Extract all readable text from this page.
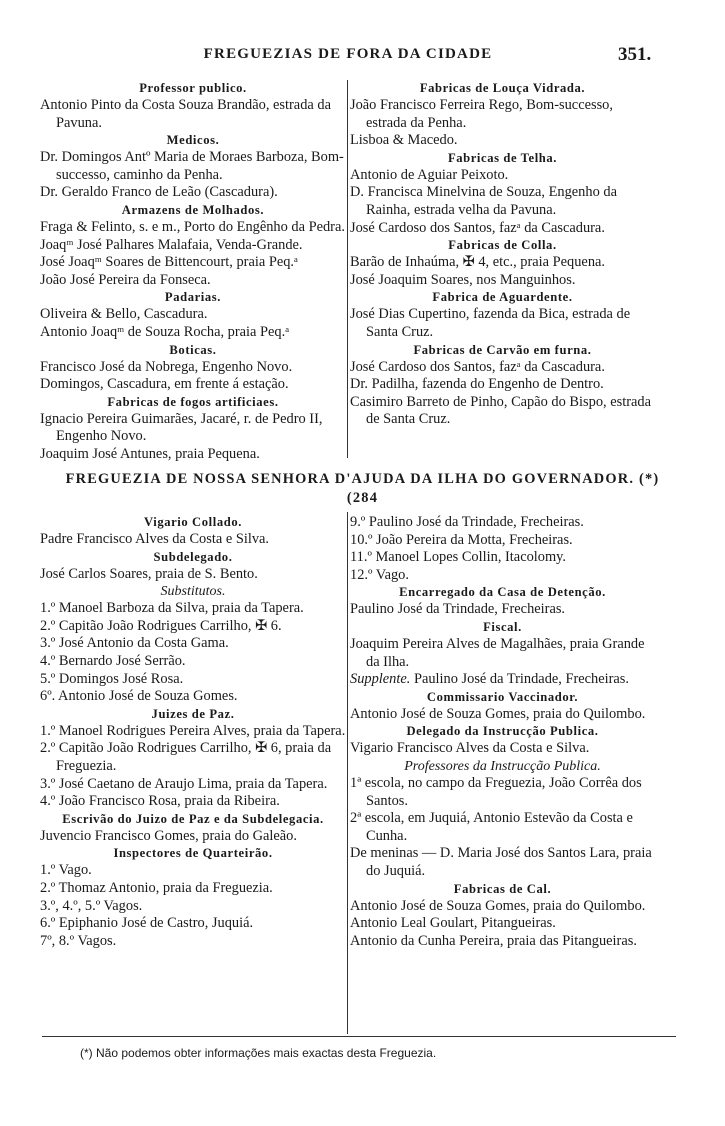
FREGUEZIAS DE FORA DA CIDADE	351.
Professor publico.
Antonio Pinto da Costa Souza Brandão, estrada da Pavuna.
Medicos.
Dr. Domingos Antº Maria de Moraes Barboza, Bom-successo, caminho da Penha.
Dr. Geraldo Franco de Leão (Cascadura).
Armazens de Molhados.
Fraga & Felinto, s. e m., Porto do Engênho da Pedra.
Joaqᵐ José Palhares Malafaia, Venda-Grande.
José Joaqᵐ Soares de Bittencourt, praia Peq.ᵃ
João José Pereira da Fonseca.
Padarias.
Oliveira & Bello, Cascadura.
Antonio Joaqᵐ de Souza Rocha, praia Peq.ᵃ
Boticas.
Francisco José da Nobrega, Engenho Novo.
Domingos, Cascadura, em frente á estação.
Fabricas de fogos artificiaes.
Ignacio Pereira Guimarães, Jacaré, r. de Pedro II, Engenho Novo.
Joaquim José Antunes, praia Pequena.
Fabricas de Louça Vidrada.
João Francisco Ferreira Rego, Bom-successo, estrada da Penha.
Lisboa & Macedo.
Fabricas de Telha.
Antonio de Aguiar Peixoto.
D. Francisca Minelvina de Souza, Engenho da Rainha, estrada velha da Pavuna.
José Cardoso dos Santos, fazᵃ da Cascadura.
Fabricas de Colla.
Barão de Inhaúma, ✠ 4, etc., praia Pequena.
José Joaquim Soares, nos Manguinhos.
Fabrica de Aguardente.
José Dias Cupertino, fazenda da Bica, estrada de Santa Cruz.
Fabricas de Carvão em furna.
José Cardoso dos Santos, fazᵃ da Cascadura.
Dr. Padilha, fazenda do Engenho de Dentro.
Casimiro Barreto de Pinho, Capão do Bispo, estrada de Santa Cruz.
FREGUEZIA DE NOSSA SENHORA D'AJUDA DA ILHA DO GOVERNADOR. (*) (284
Vigario Collado.
Padre Francisco Alves da Costa e Silva.
Subdelegado.
José Carlos Soares, praia de S. Bento.
Substitutos.
1.º Manoel Barboza da Silva, praia da Tapera.
2.º Capitão João Rodrigues Carrilho, ✠ 6.
3.º José Antonio da Costa Gama.
4.º Bernardo José Serrão.
5.º Domingos José Rosa.
6º. Antonio José de Souza Gomes.
Juizes de Paz.
1.º Manoel Rodrigues Pereira Alves, praia da Tapera.
2.º Capitão João Rodrigues Carrilho, ✠ 6, praia da Freguezia.
3.º José Caetano de Araujo Lima, praia da Tapera.
4.º João Francisco Rosa, praia da Ribeira.
Escrivão do Juizo de Paz e da Subdelegacia.
Juvencio Francisco Gomes, praia do Galeão.
Inspectores de Quarteirão.
1.º Vago.
2.º Thomaz Antonio, praia da Freguezia.
3.º, 4.º, 5.º Vagos.
6.º Epiphanio José de Castro, Juquiá.
7º, 8.º Vagos.
9.º Paulino José da Trindade, Frecheiras.
10.º João Pereira da Motta, Frecheiras.
11.º Manoel Lopes Collin, Itacolomy.
12.º Vago.
Encarregado da Casa de Detenção.
Paulino José da Trindade, Frecheiras.
Fiscal.
Joaquim Pereira Alves de Magalhães, praia Grande da Ilha.
Supplente. Paulino José da Trindade, Frecheiras.
Commissario Vaccinador.
Antonio José de Souza Gomes, praia do Quilombo.
Delegado da Instrucção Publica.
Vigario Francisco Alves da Costa e Silva.
Professores da Instrucção Publica.
1ª escola, no campo da Freguezia, João Corrêa dos Santos.
2ª escola, em Juquiá, Antonio Estevão da Costa e Cunha.
De meninas — D. Maria José dos Santos Lara, praia do Juquiá.
Fabricas de Cal.
Antonio José de Souza Gomes, praia do Quilombo.
Antonio Leal Goulart, Pitangueiras.
Antonio da Cunha Pereira, praia das Pitangueiras.
(*) Não podemos obter informações mais exactas desta Freguezia.
